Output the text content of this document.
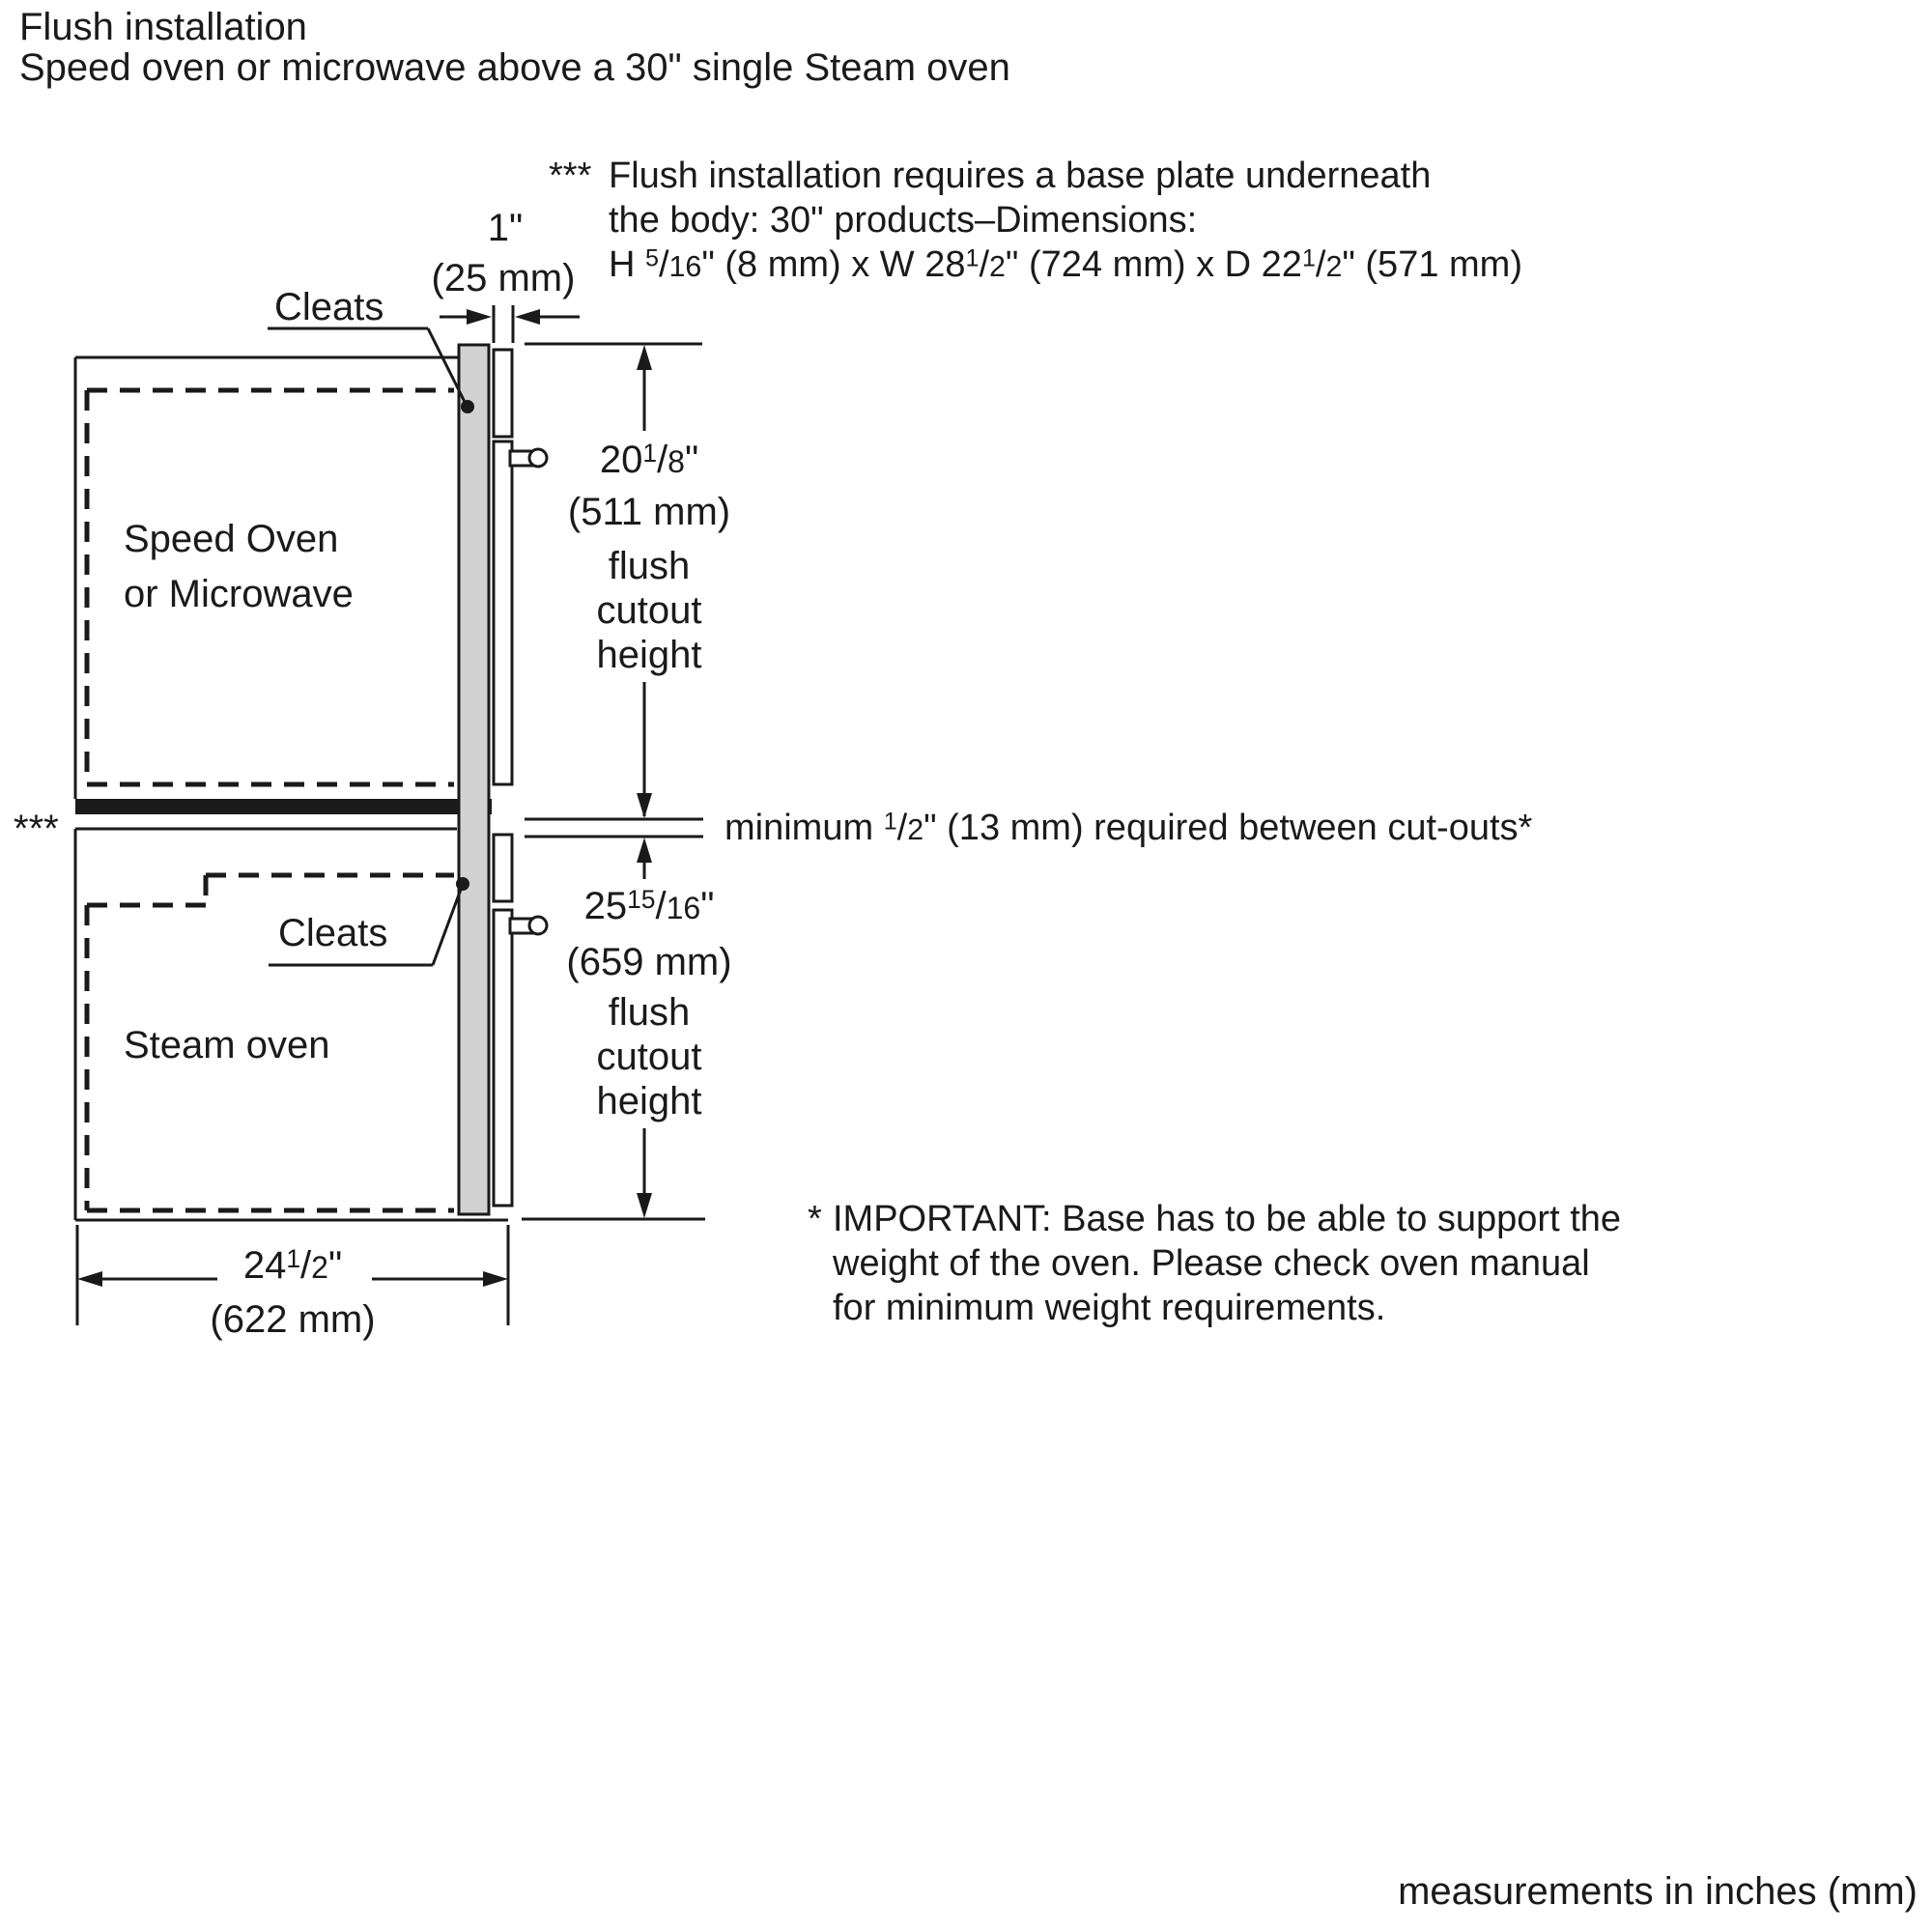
Flush installation
Speed oven or microwave above a 30" single Steam oven
*** Flush installation requires a base plate underneath
the body: 30" products–Dimensions:
H $^5$/16" (8 mm) x W $28^1/2$" (724 mm) x D $22^1/2$" (571 mm)
1"
(25 mm)
Cleats
Cleats
Speed Oven
or Microwave
Steam oven
***
$20^1/8$"
(511 mm)
flush
cutout
height
minimum $^1$/2" (13 mm) required between cut-outs*
$25^{15}/16$"
(659 mm)
flush
cutout
height
$24^1/2$"
(622 mm)
* IMPORTANT: Base has to be able to support the
weight of the oven. Please check oven manual
for minimum weight requirements.
measurements in inches (mm)
